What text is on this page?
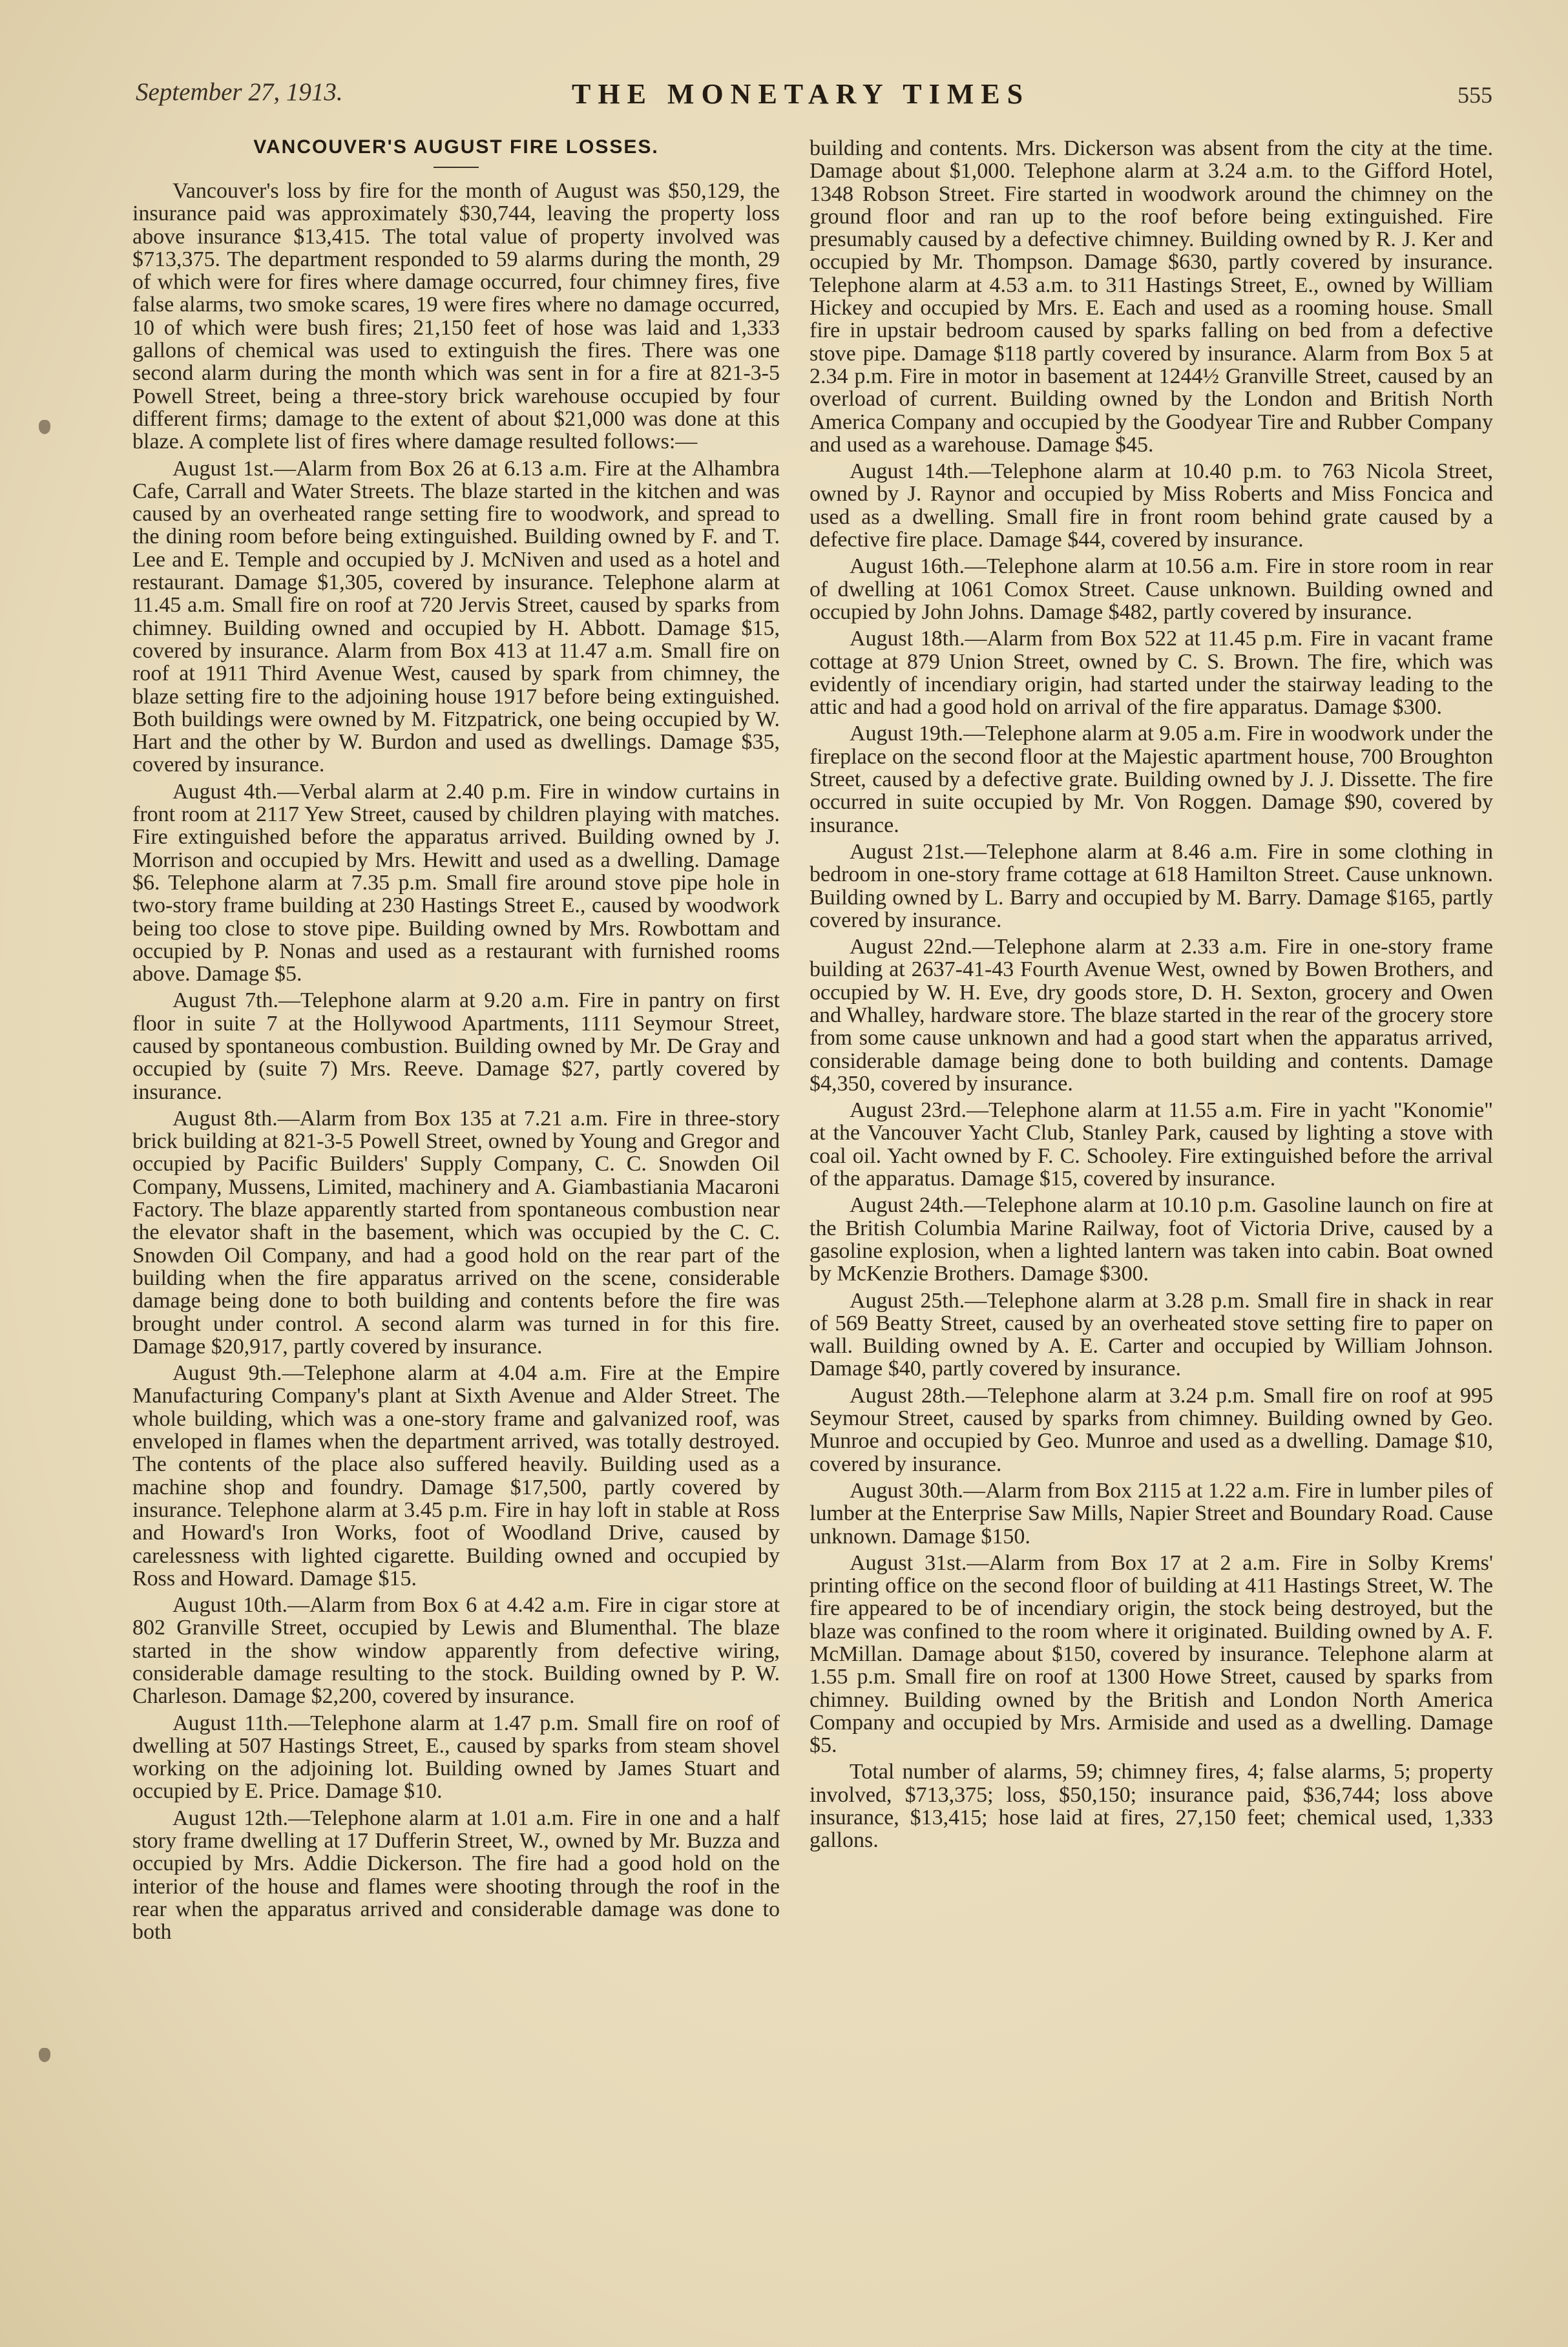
September 27, 1913.	THE MONETARY TIMES	555
VANCOUVER'S AUGUST FIRE LOSSES.

Vancouver's loss by fire for the month of August was $50,129, the insurance paid was approximately $30,744, leaving the property loss above insurance $13,415. The total value of property involved was $713,375. The department responded to 59 alarms during the month, 29 of which were for fires where damage occurred, four chimney fires, five false alarms, two smoke scares, 19 were fires where no damage occurred, 10 of which were bush fires; 21,150 feet of hose was laid and 1,333 gallons of chemical was used to extinguish the fires. There was one second alarm during the month which was sent in for a fire at 821-3-5 Powell Street, being a three-story brick warehouse occupied by four different firms; damage to the extent of about $21,000 was done at this blaze. A complete list of fires where damage resulted follows:—

August 1st.—Alarm from Box 26 at 6.13 a.m. Fire at the Alhambra Cafe, Carrall and Water Streets. The blaze started in the kitchen and was caused by an overheated range setting fire to woodwork, and spread to the dining room before being extinguished. Building owned by F. and T. Lee and E. Temple and occupied by J. McNiven and used as a hotel and restaurant. Damage $1,305, covered by insurance. Telephone alarm at 11.45 a.m. Small fire on roof at 720 Jervis Street, caused by sparks from chimney. Building owned and occupied by H. Abbott. Damage $15, covered by insurance. Alarm from Box 413 at 11.47 a.m. Small fire on roof at 1911 Third Avenue West, caused by spark from chimney, the blaze setting fire to the adjoining house 1917 before being extinguished. Both buildings were owned by M. Fitzpatrick, one being occupied by W. Hart and the other by W. Burdon and used as dwellings. Damage $35, covered by insurance.

August 4th.—Verbal alarm at 2.40 p.m. Fire in window curtains in front room at 2117 Yew Street, caused by children playing with matches. Fire extinguished before the apparatus arrived. Building owned by J. Morrison and occupied by Mrs. Hewitt and used as a dwelling. Damage $6. Telephone alarm at 7.35 p.m. Small fire around stove pipe hole in two-story frame building at 230 Hastings Street E., caused by woodwork being too close to stove pipe. Building owned by Mrs. Rowbottam and occupied by P. Nonas and used as a restaurant with furnished rooms above. Damage $5.

August 7th.—Telephone alarm at 9.20 a.m. Fire in pantry on first floor in suite 7 at the Hollywood Apartments, 1111 Seymour Street, caused by spontaneous combustion. Building owned by Mr. De Gray and occupied by (suite 7) Mrs. Reeve. Damage $27, partly covered by insurance.

August 8th.—Alarm from Box 135 at 7.21 a.m. Fire in three-story brick building at 821-3-5 Powell Street, owned by Young and Gregor and occupied by Pacific Builders' Supply Company, C. C. Snowden Oil Company, Mussens, Limited, machinery and A. Giambastiania Macaroni Factory. The blaze apparently started from spontaneous combustion near the elevator shaft in the basement, which was occupied by the C. C. Snowden Oil Company, and had a good hold on the rear part of the building when the fire apparatus arrived on the scene, considerable damage being done to both building and contents before the fire was brought under control. A second alarm was turned in for this fire. Damage $20,917, partly covered by insurance.

August 9th.—Telephone alarm at 4.04 a.m. Fire at the Empire Manufacturing Company's plant at Sixth Avenue and Alder Street. The whole building, which was a one-story frame and galvanized roof, was enveloped in flames when the department arrived, was totally destroyed. The contents of the place also suffered heavily. Building used as a machine shop and foundry. Damage $17,500, partly covered by insurance. Telephone alarm at 3.45 p.m. Fire in hay loft in stable at Ross and Howard's Iron Works, foot of Woodland Drive, caused by carelessness with lighted cigarette. Building owned and occupied by Ross and Howard. Damage $15.

August 10th.—Alarm from Box 6 at 4.42 a.m. Fire in cigar store at 802 Granville Street, occupied by Lewis and Blumenthal. The blaze started in the show window apparently from defective wiring, considerable damage resulting to the stock. Building owned by P. W. Charleson. Damage $2,200, covered by insurance.

August 11th.—Telephone alarm at 1.47 p.m. Small fire on roof of dwelling at 507 Hastings Street, E., caused by sparks from steam shovel working on the adjoining lot. Building owned by James Stuart and occupied by E. Price. Damage $10.

August 12th.—Telephone alarm at 1.01 a.m. Fire in one and a half story frame dwelling at 17 Dufferin Street, W., owned by Mr. Buzza and occupied by Mrs. Addie Dickerson. The fire had a good hold on the interior of the house and flames were shooting through the roof in the rear when the apparatus arrived and considerable damage was done to both

building and contents. Mrs. Dickerson was absent from the city at the time. Damage about $1,000. Telephone alarm at 3.24 a.m. to the Gifford Hotel, 1348 Robson Street. Fire started in woodwork around the chimney on the ground floor and ran up to the roof before being extinguished. Fire presumably caused by a defective chimney. Building owned by R. J. Ker and occupied by Mr. Thompson. Damage $630, partly covered by insurance. Telephone alarm at 4.53 a.m. to 311 Hastings Street, E., owned by William Hickey and occupied by Mrs. E. Each and used as a rooming house. Small fire in upstair bedroom caused by sparks falling on bed from a defective stove pipe. Damage $118 partly covered by insurance. Alarm from Box 5 at 2.34 p.m. Fire in motor in basement at 1244½ Granville Street, caused by an overload of current. Building owned by the London and British North America Company and occupied by the Goodyear Tire and Rubber Company and used as a warehouse. Damage $45.

August 14th.—Telephone alarm at 10.40 p.m. to 763 Nicola Street, owned by J. Raynor and occupied by Miss Roberts and Miss Foncica and used as a dwelling. Small fire in front room behind grate caused by a defective fire place. Damage $44, covered by insurance.

August 16th.—Telephone alarm at 10.56 a.m. Fire in store room in rear of dwelling at 1061 Comox Street. Cause unknown. Building owned and occupied by John Johns. Damage $482, partly covered by insurance.

August 18th.—Alarm from Box 522 at 11.45 p.m. Fire in vacant frame cottage at 879 Union Street, owned by C. S. Brown. The fire, which was evidently of incendiary origin, had started under the stairway leading to the attic and had a good hold on arrival of the fire apparatus. Damage $300.

August 19th.—Telephone alarm at 9.05 a.m. Fire in woodwork under the fireplace on the second floor at the Majestic apartment house, 700 Broughton Street, caused by a defective grate. Building owned by J. J. Dissette. The fire occurred in suite occupied by Mr. Von Roggen. Damage $90, covered by insurance.

August 21st.—Telephone alarm at 8.46 a.m. Fire in some clothing in bedroom in one-story frame cottage at 618 Hamilton Street. Cause unknown. Building owned by L. Barry and occupied by M. Barry. Damage $165, partly covered by insurance.

August 22nd.—Telephone alarm at 2.33 a.m. Fire in one-story frame building at 2637-41-43 Fourth Avenue West, owned by Bowen Brothers, and occupied by W. H. Eve, dry goods store, D. H. Sexton, grocery and Owen and Whalley, hardware store. The blaze started in the rear of the grocery store from some cause unknown and had a good start when the apparatus arrived, considerable damage being done to both building and contents. Damage $4,350, covered by insurance.

August 23rd.—Telephone alarm at 11.55 a.m. Fire in yacht "Konomie" at the Vancouver Yacht Club, Stanley Park, caused by lighting a stove with coal oil. Yacht owned by F. C. Schooley. Fire extinguished before the arrival of the apparatus. Damage $15, covered by insurance.

August 24th.—Telephone alarm at 10.10 p.m. Gasoline launch on fire at the British Columbia Marine Railway, foot of Victoria Drive, caused by a gasoline explosion, when a lighted lantern was taken into cabin. Boat owned by McKenzie Brothers. Damage $300.

August 25th.—Telephone alarm at 3.28 p.m. Small fire in shack in rear of 569 Beatty Street, caused by an overheated stove setting fire to paper on wall. Building owned by A. E. Carter and occupied by William Johnson. Damage $40, partly covered by insurance.

August 28th.—Telephone alarm at 3.24 p.m. Small fire on roof at 995 Seymour Street, caused by sparks from chimney. Building owned by Geo. Munroe and occupied by Geo. Munroe and used as a dwelling. Damage $10, covered by insurance.

August 30th.—Alarm from Box 2115 at 1.22 a.m. Fire in lumber piles of lumber at the Enterprise Saw Mills, Napier Street and Boundary Road. Cause unknown. Damage $150.

August 31st.—Alarm from Box 17 at 2 a.m. Fire in Solby Krems' printing office on the second floor of building at 411 Hastings Street, W. The fire appeared to be of incendiary origin, the stock being destroyed, but the blaze was confined to the room where it originated. Building owned by A. F. McMillan. Damage about $150, covered by insurance. Telephone alarm at 1.55 p.m. Small fire on roof at 1300 Howe Street, caused by sparks from chimney. Building owned by the British and London North America Company and occupied by Mrs. Armiside and used as a dwelling. Damage $5.

Total number of alarms, 59; chimney fires, 4; false alarms, 5; property involved, $713,375; loss, $50,150; insurance paid, $36,744; loss above insurance, $13,415; hose laid at fires, 27,150 feet; chemical used, 1,333 gallons.
